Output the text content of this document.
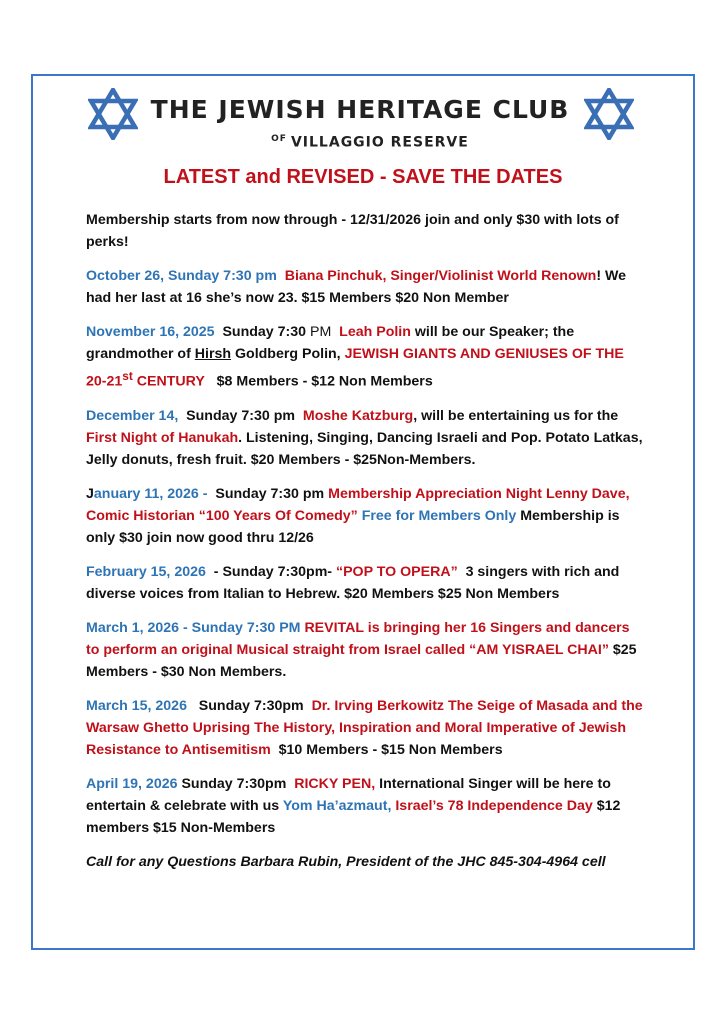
THE JEWISH HERITAGE CLUB
$^{OF}$ VILLAGGIO RESERVE
LATEST and REVISED - SAVE THE DATES

Membership starts from now through - 12/31/2026 join and only $30 with lots of perks!

October 26, Sunday 7:30 pm Biana Pinchuk, Singer/Violinist World Renown! We had her last at 16 she’s now 23. $15 Members $20 Non Member

November 16, 2025 Sunday 7:30 PM Leah Polin will be our Speaker; the grandmother of Hirsh Goldberg Polin, JEWISH GIANTS AND GENIUSES OF THE 20-21st CENTURY $8 Members - $12 Non Members

December 14, Sunday 7:30 pm Moshe Katzburg, will be entertaining us for the First Night of Hanukah. Listening, Singing, Dancing Israeli and Pop. Potato Latkas, Jelly donuts, fresh fruit. $20 Members - $25Non-Members.

January 11, 2026 - Sunday 7:30 pm Membership Appreciation Night Lenny Dave, Comic Historian “100 Years Of Comedy” Free for Members Only Membership is only $30 join now good thru 12/26

February 15, 2026 - Sunday 7:30pm- “POP TO OPERA” 3 singers with rich and diverse voices from Italian to Hebrew. $20 Members $25 Non Members

March 1, 2026 - Sunday 7:30 PM REVITAL is bringing her 16 Singers and dancers to perform an original Musical straight from Israel called “AM YISRAEL CHAI” $25 Members - $30 Non Members.

March 15, 2026 Sunday 7:30pm Dr. Irving Berkowitz The Seige of Masada and the Warsaw Ghetto Uprising The History, Inspiration and Moral Imperative of Jewish Resistance to Antisemitism $10 Members - $15 Non Members

April 19, 2026 Sunday 7:30pm RICKY PEN, International Singer will be here to entertain & celebrate with us Yom Ha’azmaut, Israel’s 78 Independence Day $12 members $15 Non-Members

Call for any Questions Barbara Rubin, President of the JHC 845-304-4964 cell
